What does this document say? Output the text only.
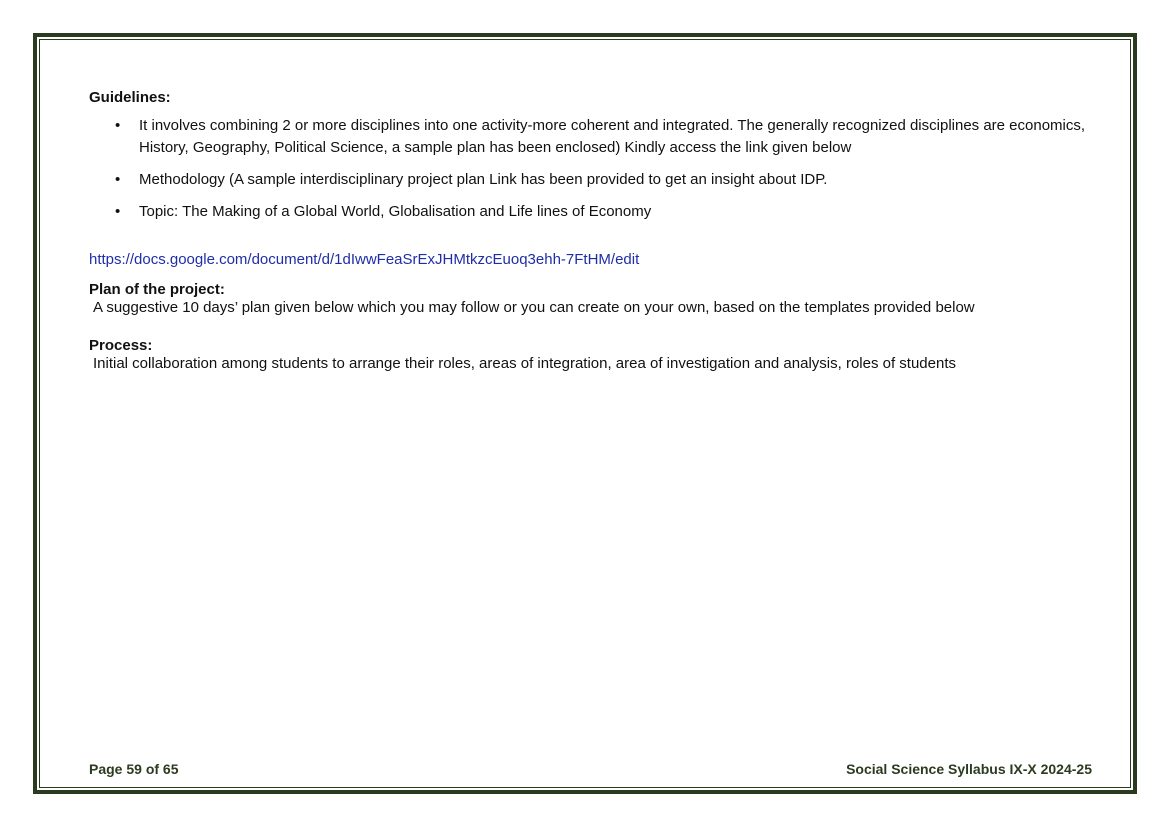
Guidelines:

• It involves combining 2 or more disciplines into one activity-more coherent and integrated. The generally recognized disciplines are economics, History, Geography, Political Science, a sample plan has been enclosed) Kindly access the link given below
• Methodology (A sample interdisciplinary project plan Link has been provided to get an insight about IDP.
• Topic: The Making of a Global World, Globalisation and Life lines of Economy
https://docs.google.com/document/d/1dIwwFeaSrExJHMtkzcEuoq3ehh-7FtHM/edit

Plan of the project:

A suggestive 10 days’ plan given below which you may follow or you can create on your own, based on the templates provided below

Process:

Initial collaboration among students to arrange their roles, areas of integration, area of investigation and analysis, roles of students

Page 59 of 65	Social Science Syllabus IX-X 2024-25
